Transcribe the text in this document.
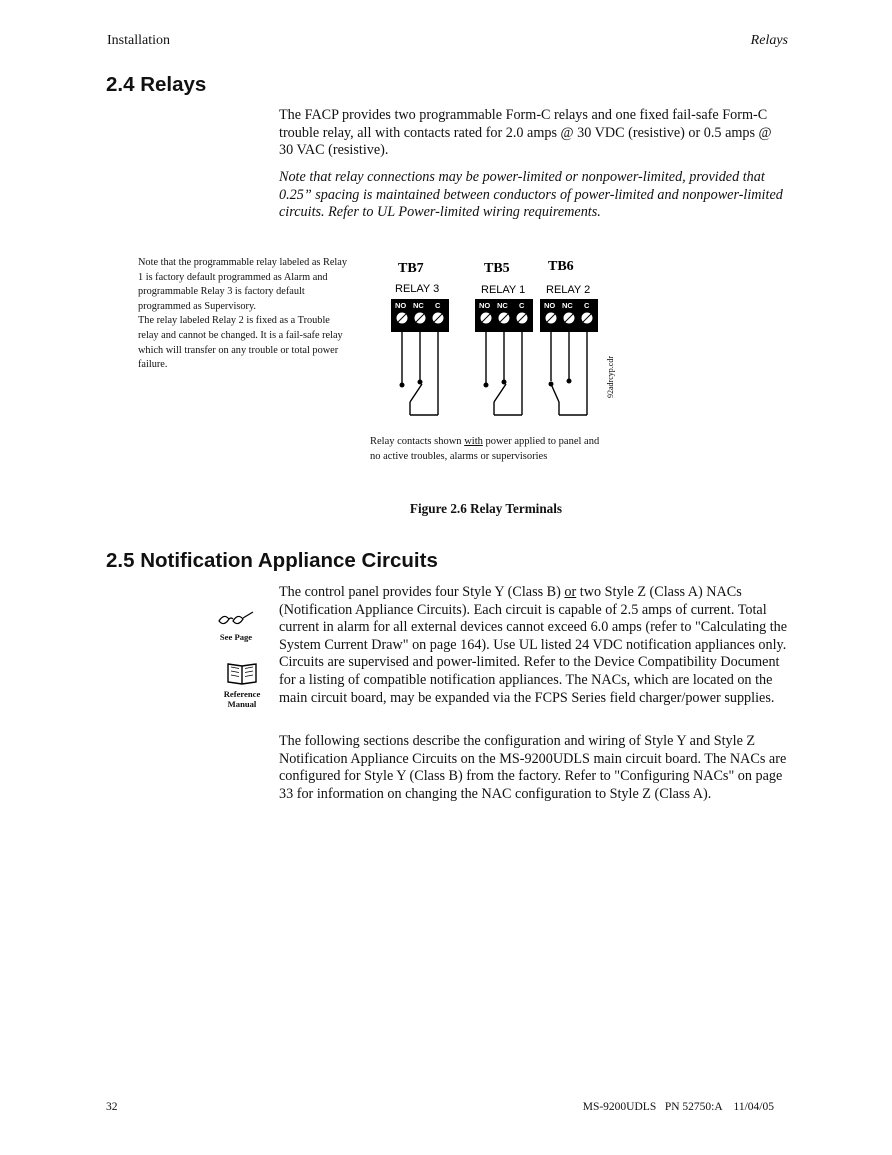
Installation	Relays
2.4 Relays

The FACP provides two programmable Form-C relays and one fixed fail-safe Form-C trouble relay, all with contacts rated for 2.0 amps @ 30 VDC (resistive) or 0.5 amps @ 30 VAC (resistive).

Note that relay connections may be power-limited or nonpower-limited, provided that 0.25” spacing is maintained between conductors of power-limited and nonpower-limited circuits. Refer to UL Power-limited wiring requirements.

Note that the programmable relay labeled as Relay 1 is factory default programmed as Alarm and programmable Relay 3 is factory default programmed as Supervisory.

The relay labeled Relay 2 is fixed as a Trouble relay and cannot be changed. It is a fail-safe relay which will transfer on any trouble or total power failure.

TB7	TB5	TB6
RELAY 3	RELAY 1 RELAY 2
NO NC C	NO NC C	NO NC C
92adrcyp.cdr

Relay contacts shown with power applied to panel and

no active troubles, alarms or supervisories

Figure 2.6 Relay Terminals
2.5 Notification Appliance Circuits

The control panel provides four Style Y (Class B) or two Style Z (Class A) NACs (Notification Appliance Circuits). Each circuit is capable of 2.5 amps of current. Total current in alarm for all external devices cannot exceed 6.0 amps (refer to "Calculating the System Current Draw" on page 164). Use UL listed 24 VDC notification appliances only. Circuits are supervised and power-limited. Refer to the Device Compatibility Document for a listing of compatible notification appliances. The NACs, which are located on the main circuit board, may be expanded via the FCPS Series field charger/power supplies.

The following sections describe the configuration and wiring of Style Y and Style Z Notification Appliance Circuits on the MS-9200UDLS main circuit board. The NACs are configured for Style Y (Class B) from the factory. Refer to "Configuring NACs" on page 33 for information on changing the NAC configuration to Style Z (Class A).

See Page
Reference
Manual
32	MS-9200UDLS   PN 52750:A    11/04/05
